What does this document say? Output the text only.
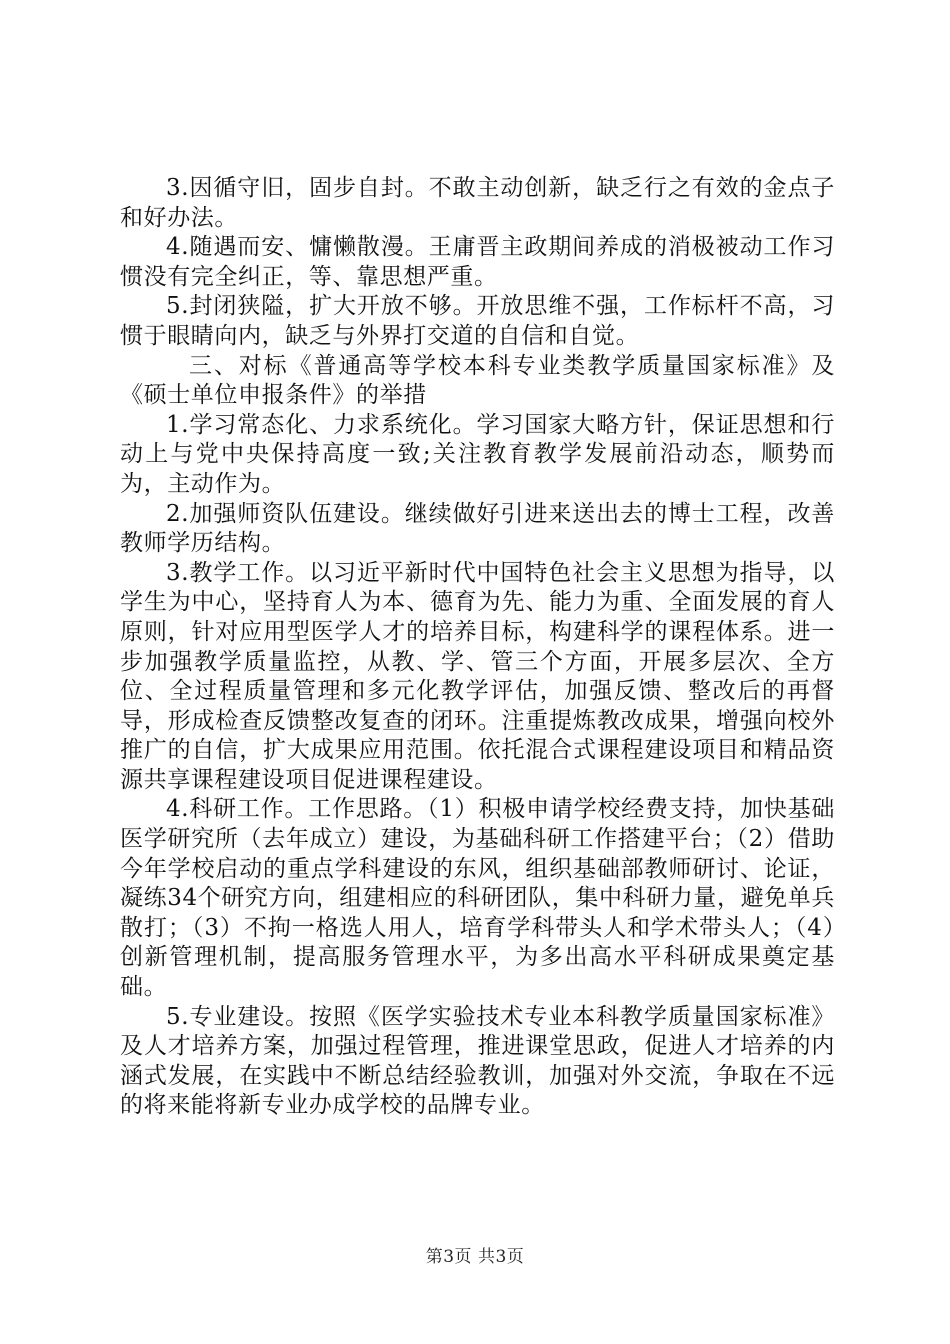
3.因循守旧，固步自封。不敢主动创新，缺乏行之有效的金点子和好办法。

4.随遇而安、慵懒散漫。王庸晋主政期间养成的消极被动工作习惯没有完全纠正，等、靠思想严重。

5.封闭狭隘，扩大开放不够。开放思维不强，工作标杆不高，习惯于眼睛向内，缺乏与外界打交道的自信和自觉。

三、对标《普通高等学校本科专业类教学质量国家标准》及《硕士单位申报条件》的举措

1.学习常态化、力求系统化。学习国家大略方针，保证思想和行动上与党中央保持高度一致;关注教育教学发展前沿动态，顺势而为，主动作为。

2.加强师资队伍建设。继续做好引进来送出去的博士工程，改善教师学历结构。

3.教学工作。以习近平新时代中国特色社会主义思想为指导，以学生为中心，坚持育人为本、德育为先、能力为重、全面发展的育人原则，针对应用型医学人才的培养目标，构建科学的课程体系。进一步加强教学质量监控，从教、学、管三个方面，开展多层次、全方位、全过程质量管理和多元化教学评估，加强反馈、整改后的再督导，形成检查反馈整改复查的闭环。注重提炼教改成果，增强向校外推广的自信，扩大成果应用范围。依托混合式课程建设项目和精品资源共享课程建设项目促进课程建设。

4.科研工作。工作思路。（1）积极申请学校经费支持，加快基础医学研究所（去年成立）建设，为基础科研工作搭建平台；（2）借助今年学校启动的重点学科建设的东风，组织基础部教师研讨、论证，凝练34个研究方向，组建相应的科研团队，集中科研力量，避免单兵散打；（3）不拘一格选人用人，培育学科带头人和学术带头人；（4）创新管理机制，提高服务管理水平，为多出高水平科研成果奠定基础。

5.专业建设。按照《医学实验技术专业本科教学质量国家标准》及人才培养方案，加强过程管理，推进课堂思政，促进人才培养的内涵式发展，在实践中不断总结经验教训，加强对外交流，争取在不远的将来能将新专业办成学校的品牌专业。

第3页 共3页
